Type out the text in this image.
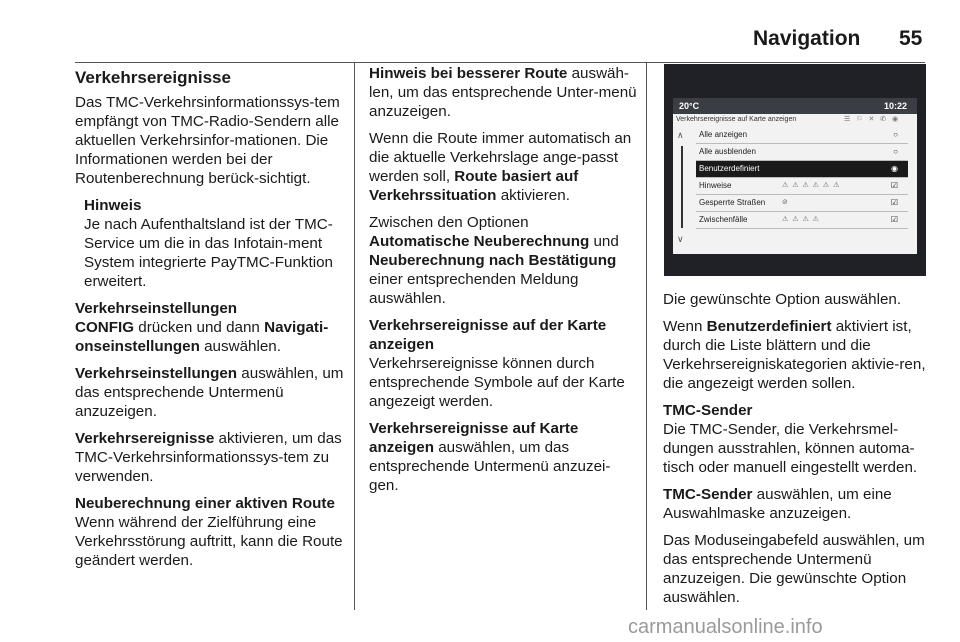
Navigation 55
Verkehrsereignisse

Das TMC-Verkehrsinformationssys-tem empfängt von TMC-Radio-Sendern alle aktuellen Verkehrsinfor-mationen. Die Informationen werden bei der Routenberechnung berück-sichtigt.

Hinweis
Je nach Aufenthaltsland ist der TMC-Service um die in das Infotain-ment System integrierte PayTMC-Funktion erweitert.

Verkehrseinstellungen

CONFIG drücken und dann Navigati-onseinstellungen auswählen.

Verkehrseinstellungen auswählen, um das entsprechende Untermenü anzuzeigen.

Verkehrsereignisse aktivieren, um das TMC-Verkehrsinformationssys-tem zu verwenden.

Neuberechnung einer aktiven Route

Wenn während der Zielführung eine Verkehrsstörung auftritt, kann die Route geändert werden.

Hinweis bei besserer Route auswäh-len, um das entsprechende Unter-menü anzuzeigen.

Wenn die Route immer automatisch an die aktuelle Verkehrslage ange-passt werden soll, Route basiert auf Verkehrssituation aktivieren.

Zwischen den Optionen
Automatische Neuberechnung und
Neuberechnung nach Bestätigung einer entsprechenden Meldung auswählen.

Verkehrsereignisse auf der Karte anzeigen

Verkehrsereignisse können durch entsprechende Symbole auf der Karte angezeigt werden.

Verkehrsereignisse auf Karte anzeigen auswählen, um das entsprechende Untermenü anzuzei-gen.

20°C	10:22
Verkehrsereignisse auf Karte anzeigen	☰ ⚐ ✕ ✆ ◉
∧
∨
Alle anzeigen	○
Alle ausblenden	○
Benutzerdefiniert	◉
Hinweise	⚠ ⚠ ⚠ ⚠ ⚠ ⚠	☑
Gesperrte Straßen ⊘	☑
Zwischenfälle	⚠ ⚠ ⚠ ⚠	☑

Die gewünschte Option auswählen.

Wenn Benutzerdefiniert aktiviert ist, durch die Liste blättern und die Verkehrsereigniskategorien aktivie-ren, die angezeigt werden sollen.

TMC-Sender

Die TMC-Sender, die Verkehrsmel-dungen ausstrahlen, können automa-tisch oder manuell eingestellt werden.

TMC-Sender auswählen, um eine Auswahlmaske anzuzeigen.

Das Moduseingabefeld auswählen, um das entsprechende Untermenü anzuzeigen. Die gewünschte Option auswählen.

carmanualsonline.info
